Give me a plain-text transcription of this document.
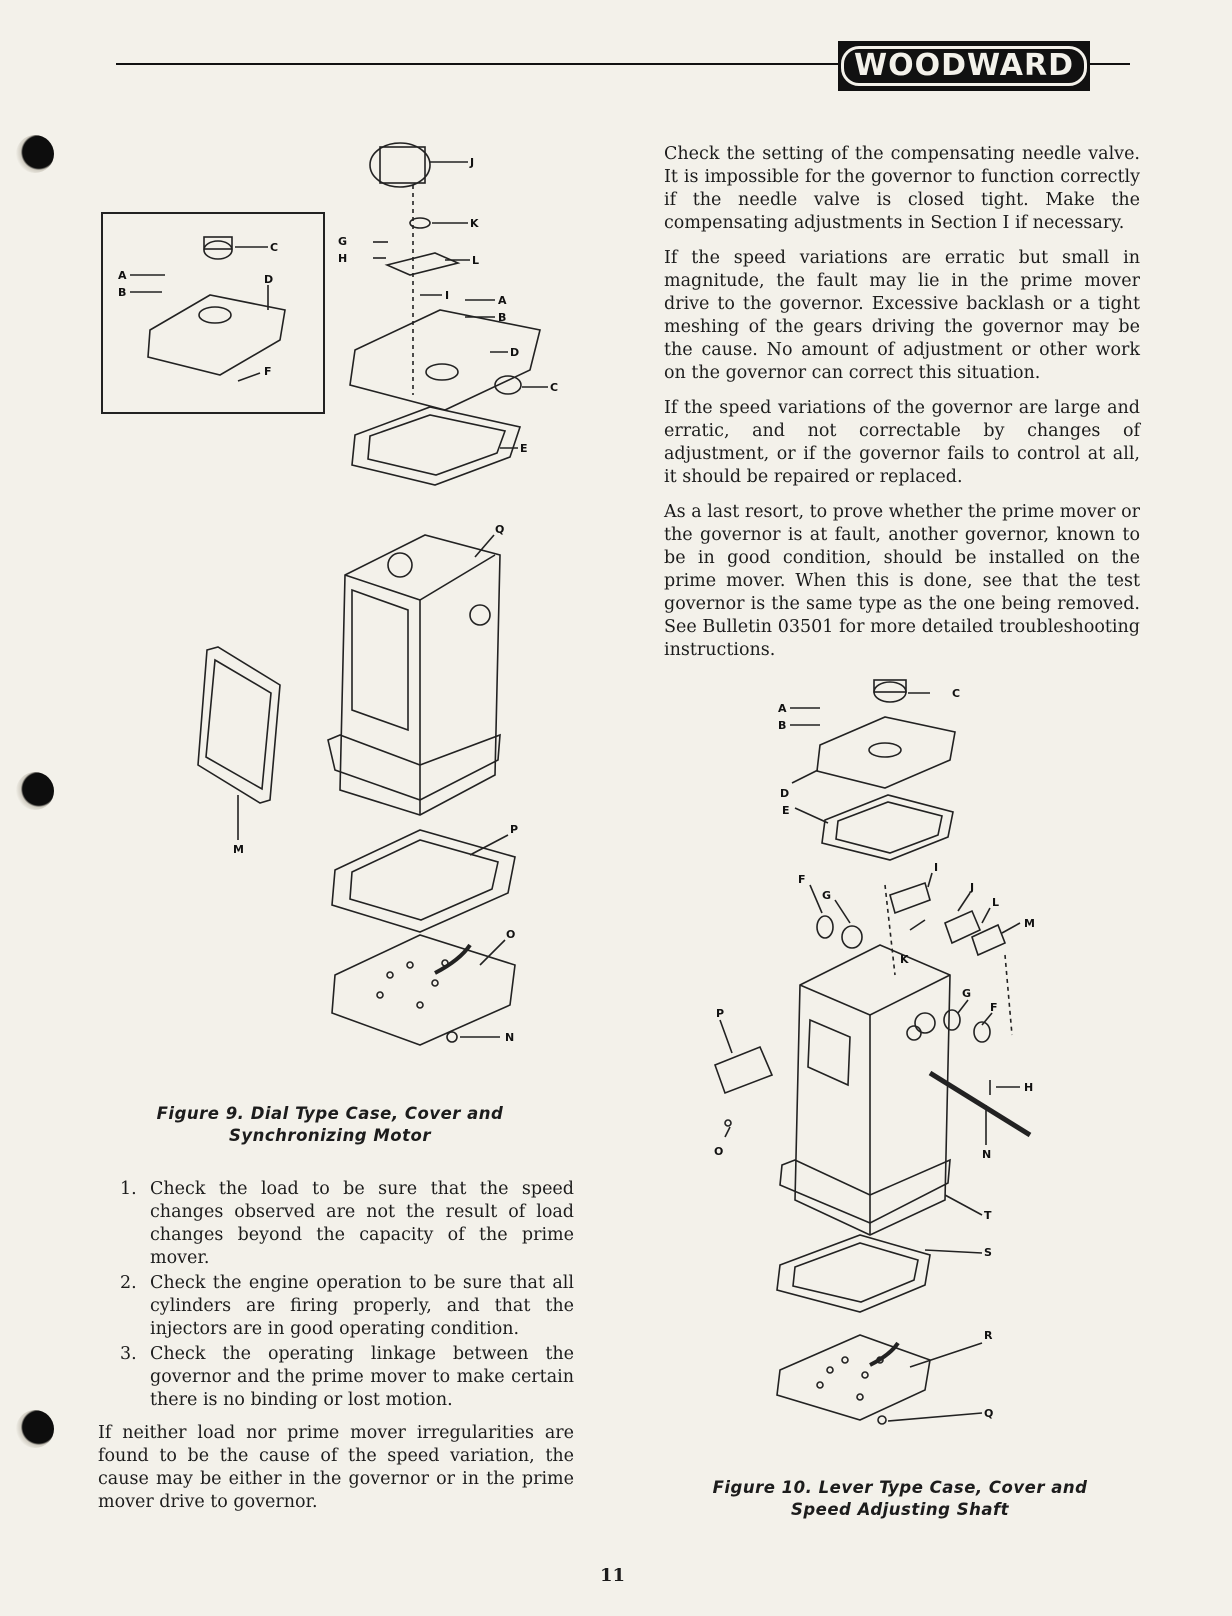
WOODWARD
A
B
C
D
F
J
K
G
H	L
I	A
B
D
C
E
Q
M
P
O
N
Figure 9. Dial Type Case, Cover and
Synchronizing Motor
1. Check the load to be sure that the speed changes observed are not the result of load changes beyond the capacity of the prime mover.
2. Check the engine operation to be sure that all cylinders are firing properly, and that the injectors are in good operating condition.
3. Check the operating linkage between the governor and the prime mover to make certain there is no binding or lost motion.

If neither load nor prime mover irregularities are found to be the cause of the speed variation, the cause may be either in the governor or in the prime mover drive to governor.

Check the setting of the compensating needle valve. It is impossible for the governor to function correctly if the needle valve is closed tight. Make the compensating adjustments in Section I if necessary.

If the speed variations are erratic but small in magnitude, the fault may lie in the prime mover drive to the governor. Excessive backlash or a tight meshing of the gears driving the governor may be the cause. No amount of adjustment or other work on the governor can correct this situation.

If the speed variations of the governor are large and erratic, and not correctable by changes of adjustment, or if the governor fails to control at all, it should be repaired or replaced.

As a last resort, to prove whether the prime mover or the governor is at fault, another governor, known to be in good condition, should be installed on the prime mover. When this is done, see that the test governor is the same type as the one being removed. See Bulletin 03501 for more detailed troubleshooting instructions.

C
A
B
D
E
F
G
I
J
K
L
M
G
F
H
N
P
O
T
S
R
Q
Figure 10. Lever Type Case, Cover and
Speed Adjusting Shaft
11
